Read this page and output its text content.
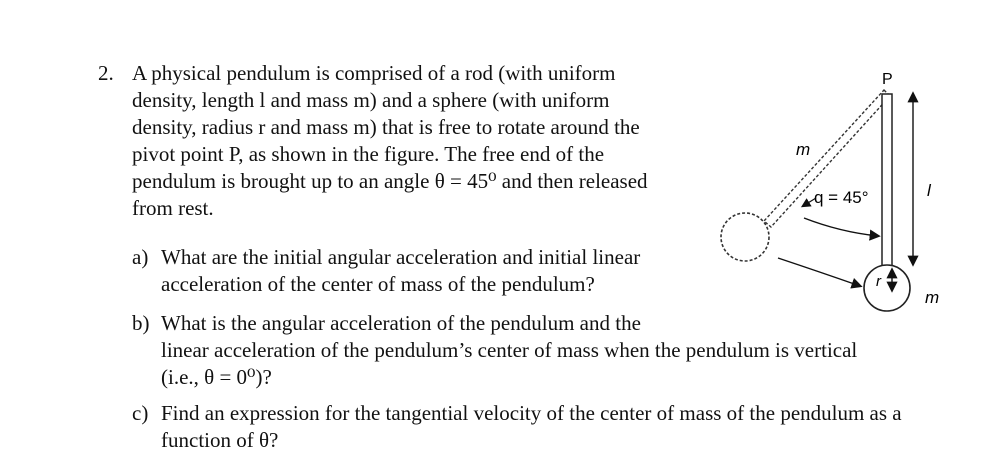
2. A physical pendulum is comprised of a rod (with uniform
density, length l and mass m) and a sphere (with uniform
density, radius r and mass m) that is free to rotate around the
pivot point P, as shown in the figure. The free end of the
pendulum is brought up to an angle θ = 45⁰ and then released
from rest.
a) What are the initial angular acceleration and initial linear
acceleration of the center of mass of the pendulum?
b) What is the angular acceleration of the pendulum and the
linear acceleration of the pendulum’s center of mass when the pendulum is vertical
(i.e., θ = 0⁰)?
c) Find an expression for the tangential velocity of the center of mass of the pendulum as a
function of θ?
r
l
P
m
q = 45°
m
